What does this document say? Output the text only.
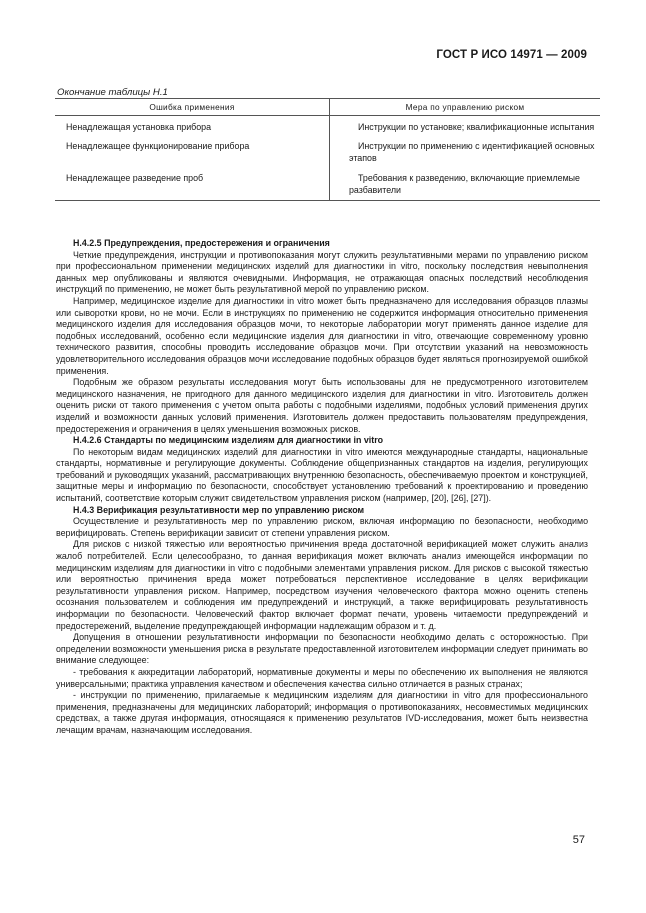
ГОСТ Р ИСО 14971 — 2009
Окончание таблицы Н.1
Ошибка применения	Мера по управлению риском
Ненадлежащая установка прибора	Инструкции по установке; квалификационные испытания
Ненадлежащее функционирование прибора	Инструкции по применению с идентификацией основных этапов
Ненадлежащее разведение проб	Требования к разведению, включающие приемлемые разбавители

Н.4.2.5 Предупреждения, предостережения и ограничения

Четкие предупреждения, инструкции и противопоказания могут служить результативными мерами по управлению риском при профессиональном применении медицинских изделий для диагностики in vitro, поскольку последствия невыполнения данных мер опубликованы и являются очевидными. Информация, не отражающая опасных последствий несоблюдения инструкций по применению, не может быть результативной мерой по управлению риском.

Например, медицинское изделие для диагностики in vitro может быть предназначено для исследования образцов плазмы или сыворотки крови, но не мочи. Если в инструкциях по применению не содержится информация относительно применения медицинского изделия для исследования образцов мочи, то некоторые лаборатории могут применять данное изделие для подобных исследований, особенно если медицинские изделия для диагностики in vitro, отвечающие современному уровню технического развития, способны проводить исследование образцов мочи. При отсутствии указаний на невозможность удовлетворительного исследования образцов мочи исследование подобных образцов будет являться прогнозируемой ошибкой применения.

Подобным же образом результаты исследования могут быть использованы для не предусмотренного изготовителем медицинского назначения, не пригодного для данного медицинского изделия для диагностики in vitro. Изготовитель должен оценить риски от такого применения с учетом опыта работы с подобными изделиями, подобных условий применения других изделий и возможности данных условий применения. Изготовитель должен предоставить пользователям предупреждения, предостережения и ограничения в целях уменьшения возможных рисков.

Н.4.2.6 Стандарты по медицинским изделиям для диагностики in vitro

По некоторым видам медицинских изделий для диагностики in vitro имеются международные стандарты, национальные стандарты, нормативные и регулирующие документы. Соблюдение общепризнанных стандартов на изделия, регулирующих требований и руководящих указаний, рассматривающих внутреннюю безопасность, обеспечиваемую проектом и конструкцией, защитные меры и информацию по безопасности, способствует установлению требований к проектированию и проведению испытаний, соответствие которым служит свидетельством управления риском (например, [20], [26], [27]).

Н.4.3 Верификация результативности мер по управлению риском

Осуществление и результативность мер по управлению риском, включая информацию по безопасности, необходимо верифицировать. Степень верификации зависит от степени управления риском.

Для рисков с низкой тяжестью или вероятностью причинения вреда достаточной верификацией может служить анализ жалоб потребителей. Если целесообразно, то данная верификация может включать анализ имеющейся информации по медицинским изделиям для диагностики in vitro с подобными элементами управления риском. Для рисков с высокой тяжестью или вероятностью причинения вреда может потребоваться перспективное исследование в целях верификации результативности управления риском. Например, посредством изучения человеческого фактора можно оценить степень осознания пользователем и соблюдения им предупреждений и инструкций, а также верифицировать результативность информации по безопасности. Человеческий фактор включает формат печати, уровень читаемости предупреждений и предостережений, выделение предупреждающей информации надлежащим образом и т. д.

Допущения в отношении результативности информации по безопасности необходимо делать с осторожностью. При определении возможности уменьшения риска в результате предоставленной изготовителем информации следует принимать во внимание следующее:

- требования к аккредитации лабораторий, нормативные документы и меры по обеспечению их выполнения не являются универсальными; практика управления качеством и обеспечения качества сильно отличается в разных странах;

- инструкции по применению, прилагаемые к медицинским изделиям для диагностики in vitro для профессионального применения, предназначены для медицинских лабораторий; информация о противопоказаниях, несовместимых медицинских средствах, а также другая информация, относящаяся к применению результатов IVD-исследования, может быть неизвестна лечащим врачам, назначающим исследования.

57
